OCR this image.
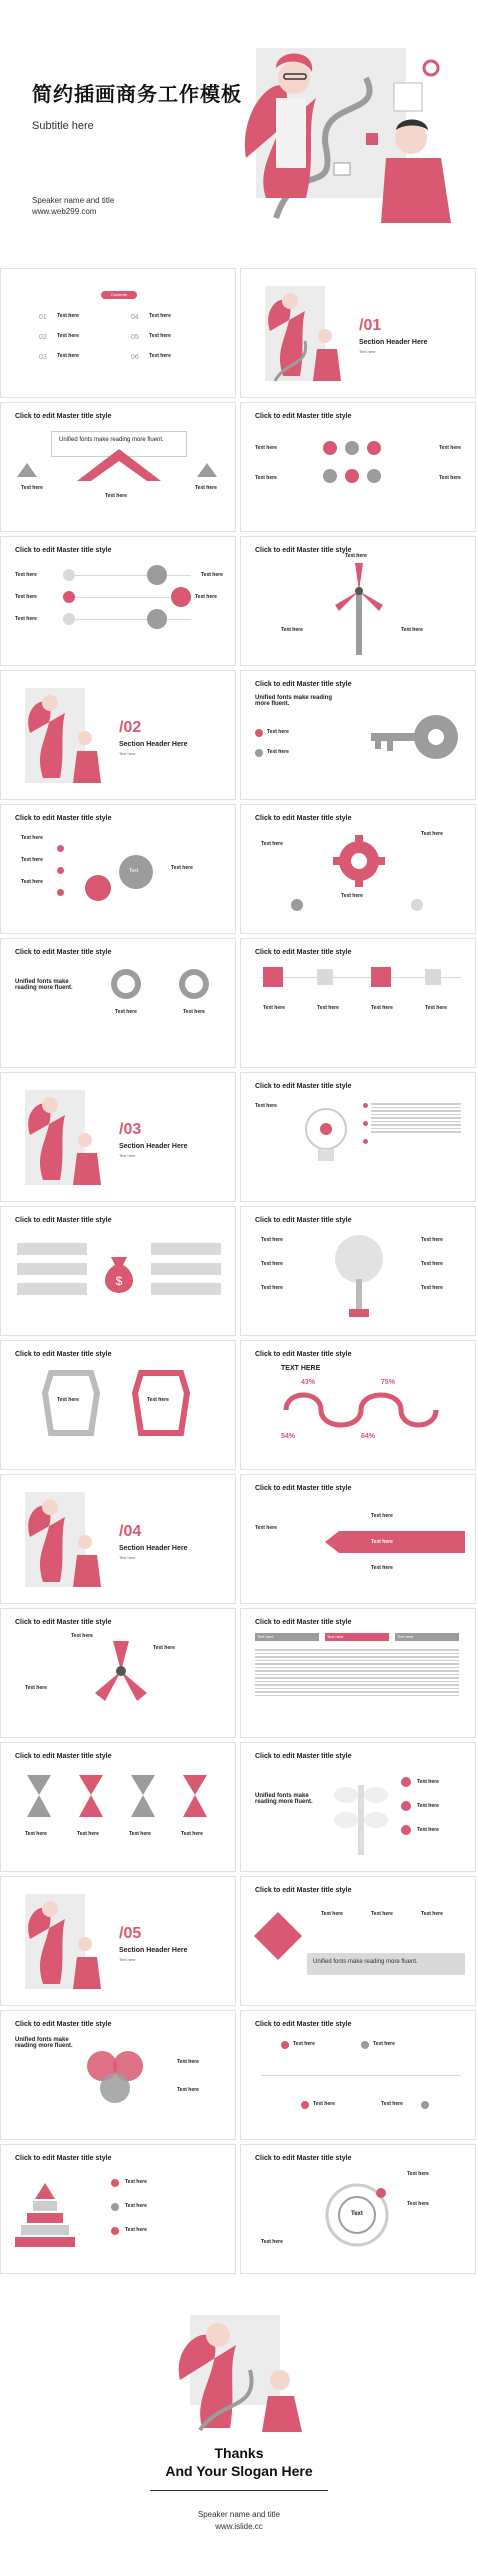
简约插画商务工作模板
Subtitle here
Speaker name and title
www.web299.com
Contents
01 Text here
02 Text here
03 Text here
04 Text here
05 Text here
06 Text here
/01
Section Header Here
Text here
Click to edit Master title style
Unified fonts make reading more fluent.
Text here
Text here
Text here
Click to edit Master title style
Text here
Text here
Text here
Text here
Click to edit Master title style
Text here
Text here
Text here
Text here
Text here
Click to edit Master title style
Text here
Text here	Text here
/02
Section Header Here
Text here
Click to edit Master title style
Unified fonts make reading more fluent.
Text here
Text here
Click to edit Master title style
Text
Text here
Text here
Text here
Text here
Click to edit Master title style
Text here
Text here
Text here
Click to edit Master title style
Unified fonts make reading more fluent.
Text here	Text here
Click to edit Master title style
Text here	Text here	Text here	Text here
/03
Section Header Here
Text here
Click to edit Master title style
Text here
Click to edit Master title style
$
Click to edit Master title style
Text here
Text here
Text here
Text here
Text here
Text here
Click to edit Master title style
Text here	Text here
Click to edit Master title style
TEXT HERE
43%	75%
54%	64%
/04
Section Header Here
Text here
Click to edit Master title style
Text here
Text here
Text here
Text here
Click to edit Master title style
Text here
Text here
Text here
Click to edit Master title style
Text here	Text here	Text here
Click to edit Master title style
Text here	Text here	Text here	Text here
Click to edit Master title style
Unified fonts make reading more fluent.
Text here
Text here
Text here
/05
Section Header Here
Text here
Click to edit Master title style
Unified fonts make reading more fluent.
Text here	Text here	Text here
Click to edit Master title style
Unified fonts make reading more fluent.
Text here
Text here
Click to edit Master title style
Text here	Text here
Text here	Text here
Click to edit Master title style
Text here
Text here
Text here
Click to edit Master title style
Text
Text here
Text here
Text here
Thanks
And Your Slogan Here
Speaker name and title
www.islide.cc
